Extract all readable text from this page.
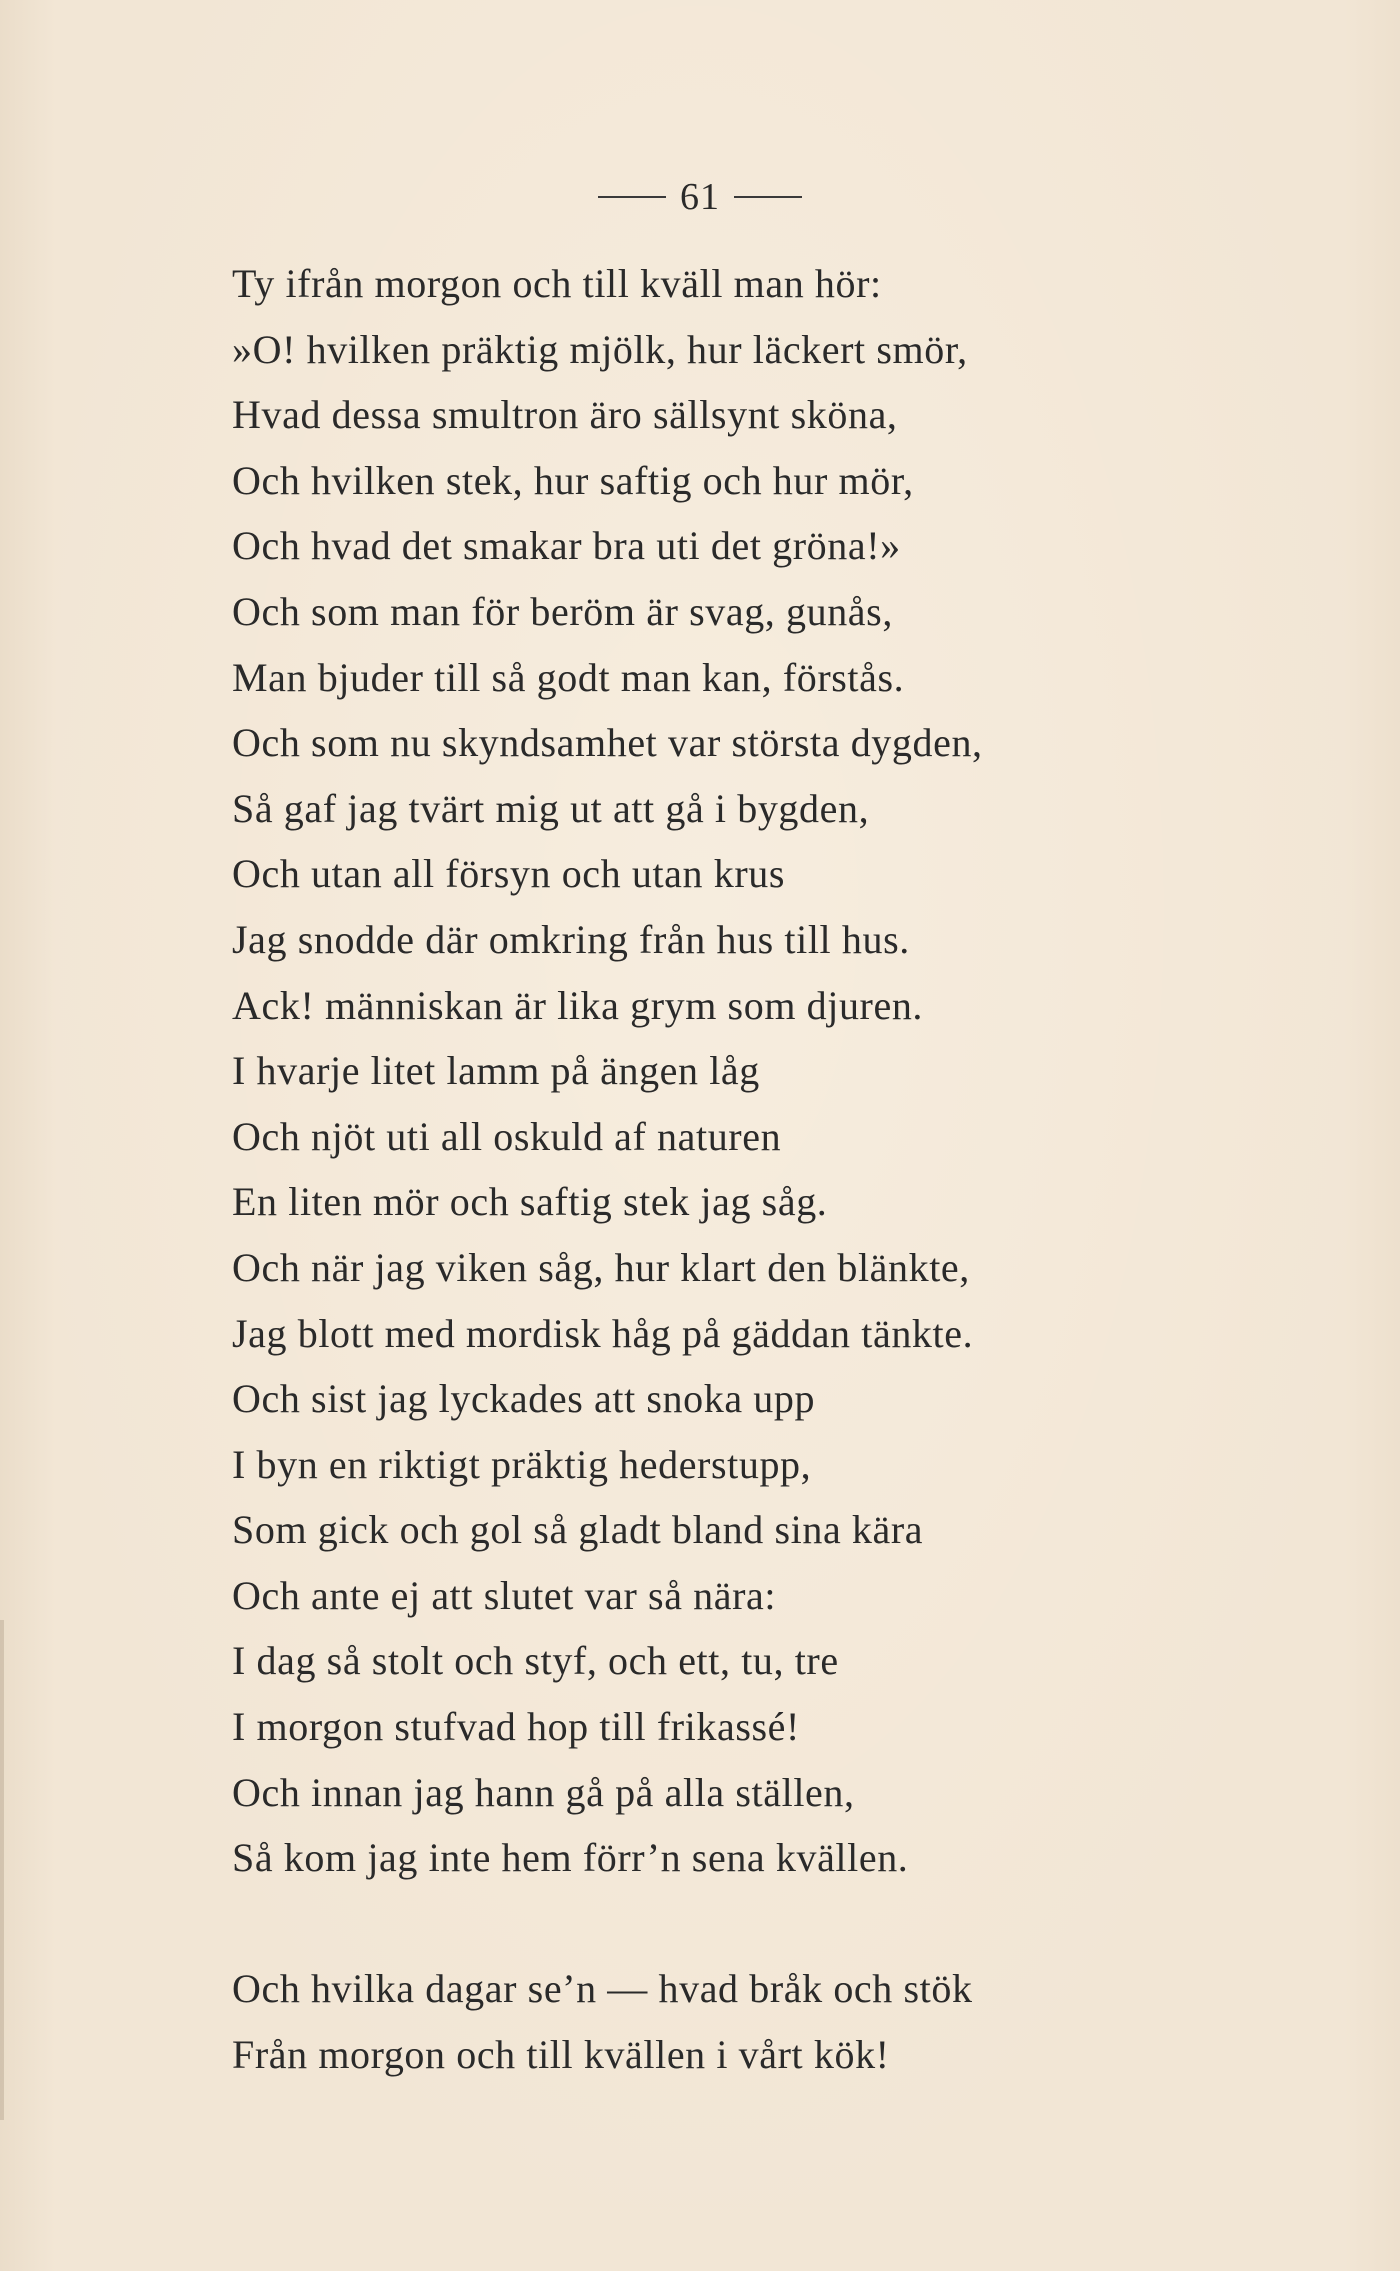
61
Ty ifrån morgon och till kväll man hör:
»O! hvilken präktig mjölk, hur läckert smör,
Hvad dessa smultron äro sällsynt sköna,
Och hvilken stek, hur saftig och hur mör,
Och hvad det smakar bra uti det gröna!»
Och som man för beröm är svag, gunås,
Man bjuder till så godt man kan, förstås.
Och som nu skyndsamhet var största dygden,
Så gaf jag tvärt mig ut att gå i bygden,
Och utan all försyn och utan krus
Jag snodde där omkring från hus till hus.
Ack! människan är lika grym som djuren.
I hvarje litet lamm på ängen låg
Och njöt uti all oskuld af naturen
En liten mör och saftig stek jag såg.
Och när jag viken såg, hur klart den blänkte,
Jag blott med mordisk håg på gäddan tänkte.
Och sist jag lyckades att snoka upp
I byn en riktigt präktig hederstupp,
Som gick och gol så gladt bland sina kära
Och ante ej att slutet var så nära:
I dag så stolt och styf, och ett, tu, tre
I morgon stufvad hop till frikassé!
Och innan jag hann gå på alla ställen,
Så kom jag inte hem förr’n sena kvällen.
Och hvilka dagar se’n — hvad bråk och stök
Från morgon och till kvällen i vårt kök!
